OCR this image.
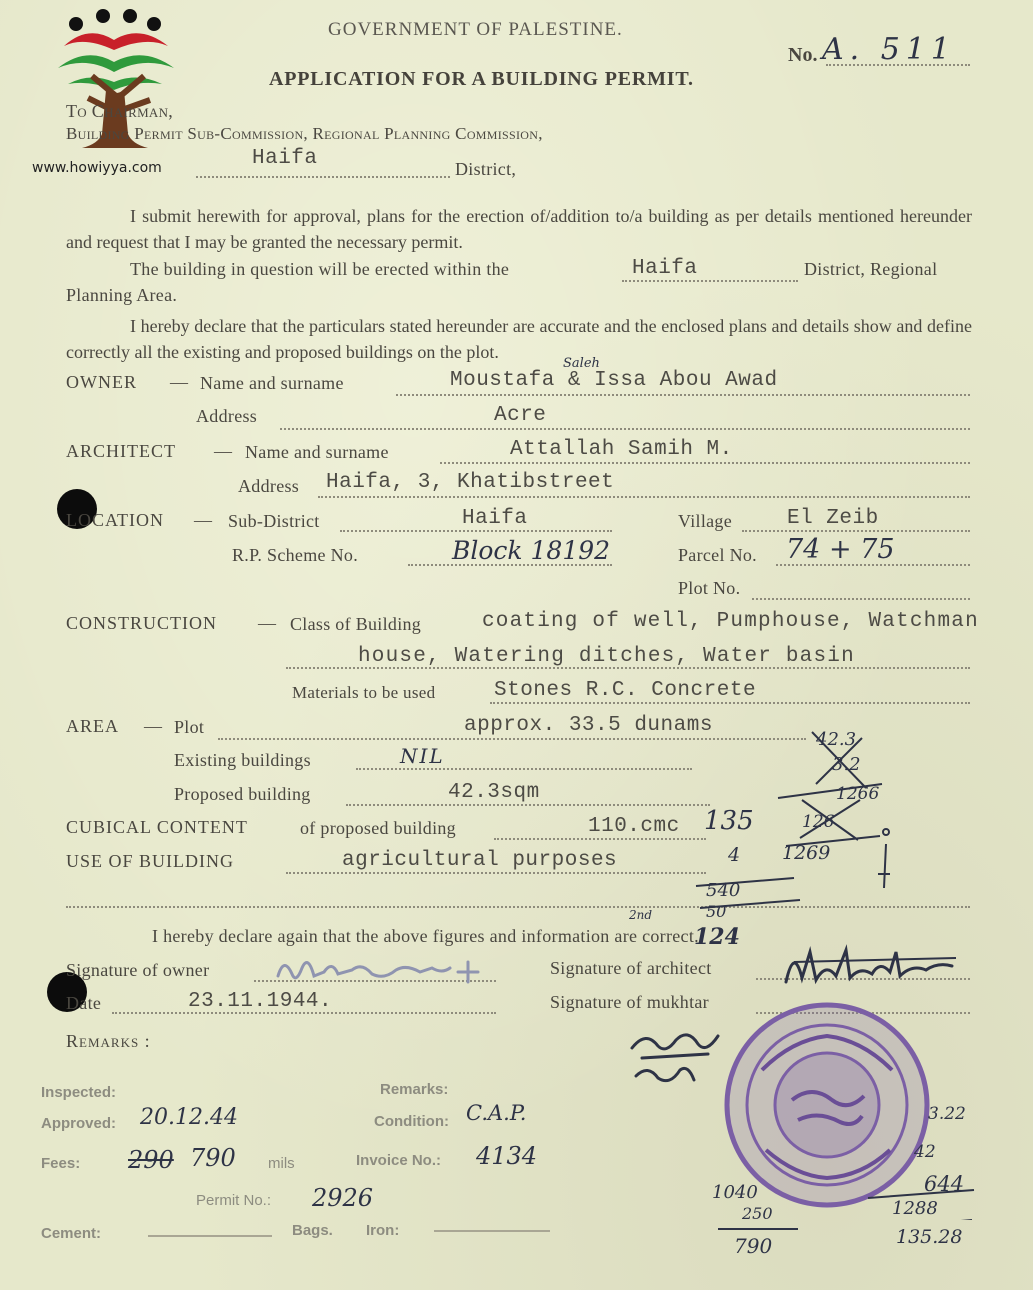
www.howiyya.com
GOVERNMENT OF PALESTINE.
No. A. 511
APPLICATION FOR A BUILDING PERMIT.
To Chairman,
Building Permit Sub-Commission, Regional Planning Commission,
Haifa	District,
I submit herewith for approval, plans for the erection of/addition to/a building as per details mentioned hereunder and request that I may be granted the necessary permit.
The building in question will be erected within the	Haifa	District, Regional
Planning Area.
I hereby declare that the particulars stated hereunder are accurate and the enclosed plans and details show and define correctly all the existing and proposed buildings on the plot.
OWNER — Name and surname	Moustafa & Issa Abou Awad
Saleh
Address	Acre
ARCHITECT — Name and surname	Attallah Samih M.
Address Haifa, 3, Khatibstreet
LOCATION — Sub-District	Haifa	Village	El Zeib
R.P. Scheme No.	Block 18192	Parcel No. 74 + 75
Plot No.
CONSTRUCTION — Class of Building	coating of well, Pumphouse, Watchman
house, Watering ditches, Water basin
Materials to be used	Stones R.C. Concrete
AREA — Plot	approx. 33.5 dunams
Existing buildings	NIL
Proposed building	42.3sqm
CUBICAL CONTENT	of proposed building	110.cmc 135
USE OF BUILDING	agricultural purposes
I hereby declare again that the above figures and information are correct.
Signature of owner
Date	23.11.1944.
Signature of architect
Signature of mukhtar
Remarks :
42.3
3.2
1266
126
4 1269
540
50
2nd
124
3.22
42
644
1288
135.28
1040
250
790
Inspected:
Approved: 20.12.44
Fees: 290 790 mils
Remarks:
Condition: C.A.P.
Invoice No.: 4134
Permit No.: 2926
Cement:	Bags. Iron:
